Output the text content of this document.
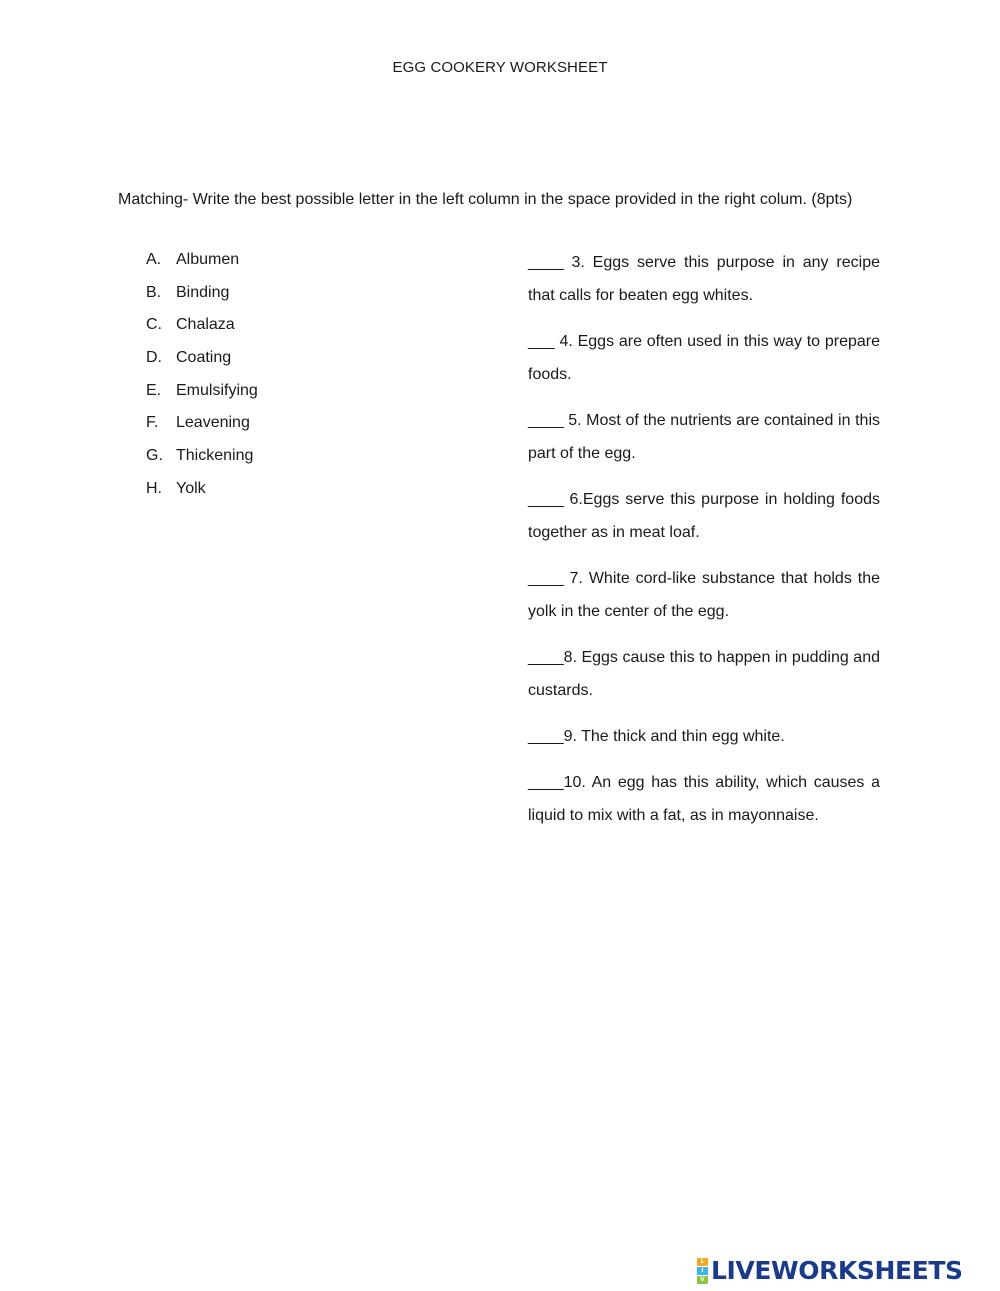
EGG COOKERY WORKSHEET
Matching- Write the best possible letter in the left column in the space provided in the right colum. (8pts)
A. Albumen
B. Binding
C. Chalaza
D. Coating
E. Emulsifying
F.	Leavening
G. Thickening
H. Yolk

____ 3. Eggs serve this purpose in any recipe that calls for beaten egg whites.

___ 4. Eggs are often used in this way to prepare foods.

____ 5. Most of the nutrients are contained in this part of the egg.

____ 6.Eggs serve this purpose in holding foods together as in meat loaf.

____ 7. White cord-like substance that holds the yolk in the center of the egg.

____8. Eggs cause this to happen in pudding and custards.

____9. The thick and thin egg white.

____10. An egg has this ability, which causes a liquid to mix with a fat, as in mayonnaise.

L
I
V LIVEWORKSHEETS
